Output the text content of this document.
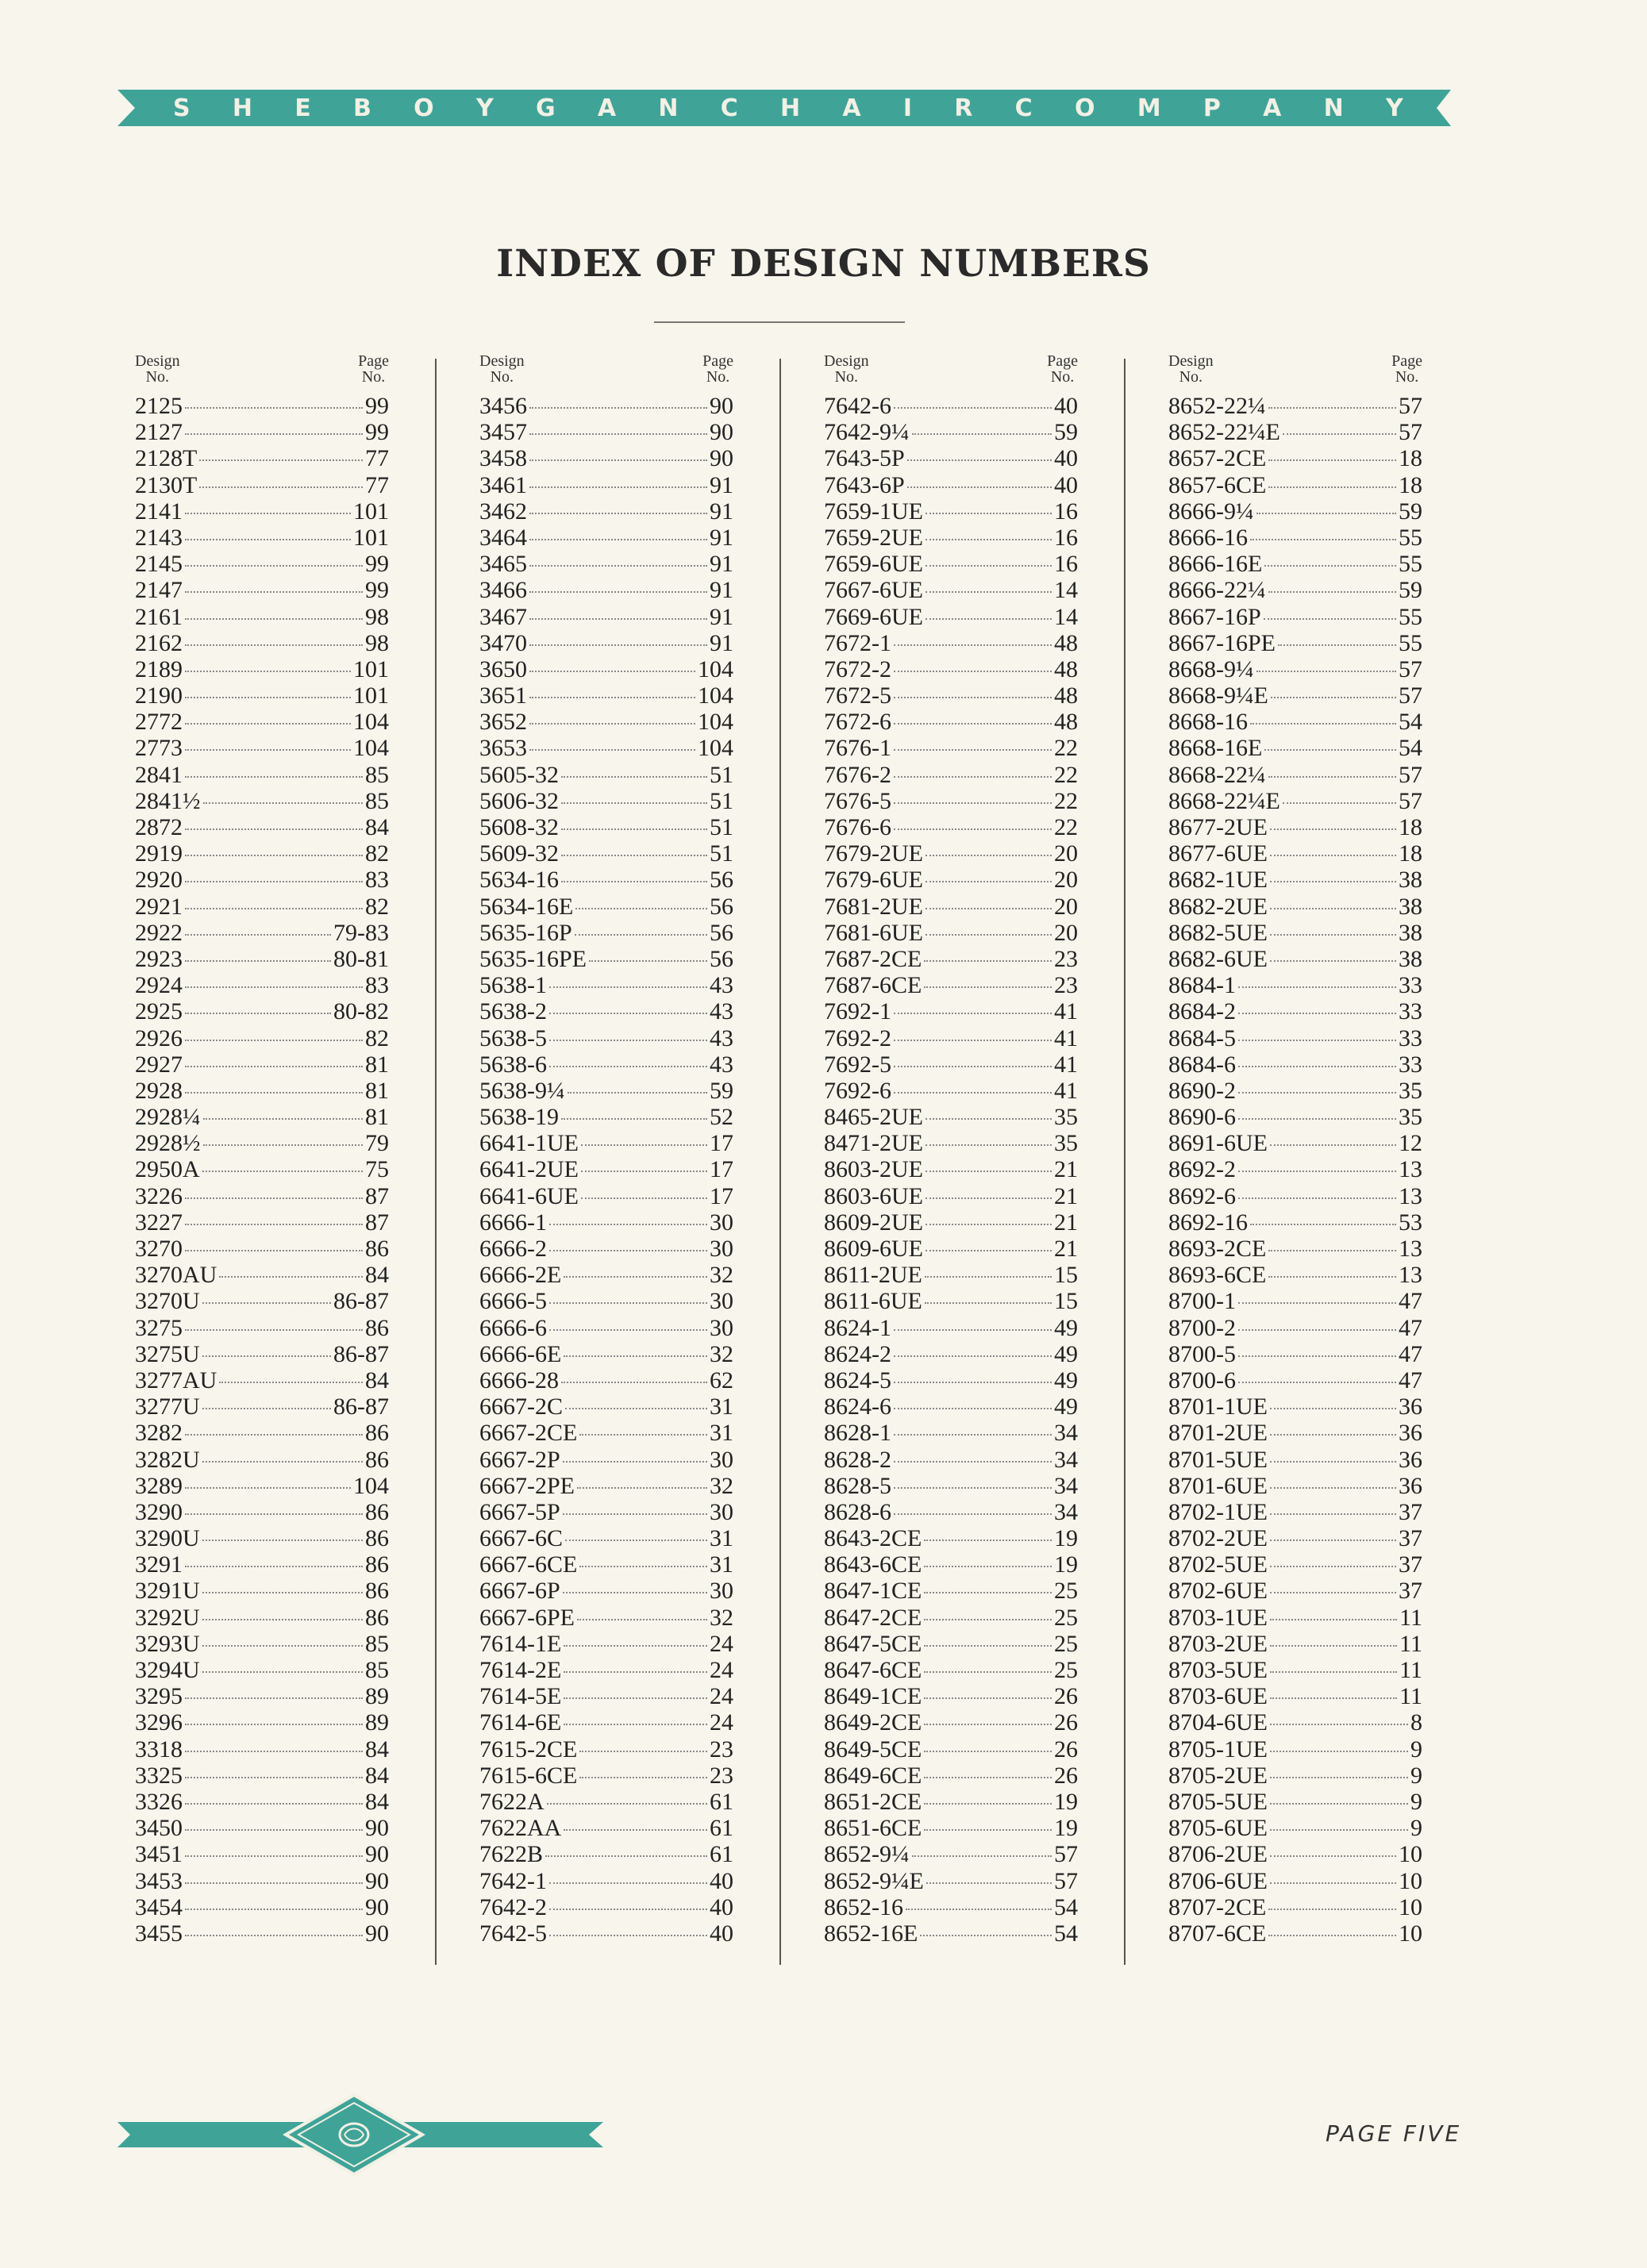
S H E B O Y G A N C H A I R C O M P A N Y
INDEX OF DESIGN NUMBERS
Design
No.
Page
No.
2125	99
2127	99
2128T	77
2130T	77
2141	101
2143	101
2145	99
2147	99
2161	98
2162	98
2189	101
2190	101
2772	104
2773	104
2841	85
2841½	85
2872	84
2919	82
2920	83
2921	82
2922	79-83
2923	80-81
2924	83
2925	80-82
2926	82
2927	81
2928	81
2928¼	81
2928½	79
2950A	75
3226	87
3227	87
3270	86
3270AU	84
3270U	86-87
3275	86
3275U	86-87
3277AU	84
3277U	86-87
3282	86
3282U	86
3289	104
3290	86
3290U	86
3291	86
3291U	86
3292U	86
3293U	85
3294U	85
3295	89
3296	89
3318	84
3325	84
3326	84
3450	90
3451	90
3453	90
3454	90
3455	90
Design
No.
Page
No.
3456	90
3457	90
3458	90
3461	91
3462	91
3464	91
3465	91
3466	91
3467	91
3470	91
3650	104
3651	104
3652	104
3653	104
5605-32	51
5606-32	51
5608-32	51
5609-32	51
5634-16	56
5634-16E	56
5635-16P	56
5635-16PE	56
5638-1	43
5638-2	43
5638-5	43
5638-6	43
5638-9¼	59
5638-19	52
6641-1UE	17
6641-2UE	17
6641-6UE	17
6666-1	30
6666-2	30
6666-2E	32
6666-5	30
6666-6	30
6666-6E	32
6666-28	62
6667-2C	31
6667-2CE	31
6667-2P	30
6667-2PE	32
6667-5P	30
6667-6C	31
6667-6CE	31
6667-6P	30
6667-6PE	32
7614-1E	24
7614-2E	24
7614-5E	24
7614-6E	24
7615-2CE	23
7615-6CE	23
7622A	61
7622AA	61
7622B	61
7642-1	40
7642-2	40
7642-5	40
Design
No.
Page
No.
7642-6	40
7642-9¼	59
7643-5P	40
7643-6P	40
7659-1UE	16
7659-2UE	16
7659-6UE	16
7667-6UE	14
7669-6UE	14
7672-1	48
7672-2	48
7672-5	48
7672-6	48
7676-1	22
7676-2	22
7676-5	22
7676-6	22
7679-2UE	20
7679-6UE	20
7681-2UE	20
7681-6UE	20
7687-2CE	23
7687-6CE	23
7692-1	41
7692-2	41
7692-5	41
7692-6	41
8465-2UE	35
8471-2UE	35
8603-2UE	21
8603-6UE	21
8609-2UE	21
8609-6UE	21
8611-2UE	15
8611-6UE	15
8624-1	49
8624-2	49
8624-5	49
8624-6	49
8628-1	34
8628-2	34
8628-5	34
8628-6	34
8643-2CE	19
8643-6CE	19
8647-1CE	25
8647-2CE	25
8647-5CE	25
8647-6CE	25
8649-1CE	26
8649-2CE	26
8649-5CE	26
8649-6CE	26
8651-2CE	19
8651-6CE	19
8652-9¼	57
8652-9¼E	57
8652-16	54
8652-16E	54
Design
No.
Page
No.
8652-22¼	57
8652-22¼E	57
8657-2CE	18
8657-6CE	18
8666-9¼	59
8666-16	55
8666-16E	55
8666-22¼	59
8667-16P	55
8667-16PE	55
8668-9¼	57
8668-9¼E	57
8668-16	54
8668-16E	54
8668-22¼	57
8668-22¼E	57
8677-2UE	18
8677-6UE	18
8682-1UE	38
8682-2UE	38
8682-5UE	38
8682-6UE	38
8684-1	33
8684-2	33
8684-5	33
8684-6	33
8690-2	35
8690-6	35
8691-6UE	12
8692-2	13
8692-6	13
8692-16	53
8693-2CE	13
8693-6CE	13
8700-1	47
8700-2	47
8700-5	47
8700-6	47
8701-1UE	36
8701-2UE	36
8701-5UE	36
8701-6UE	36
8702-1UE	37
8702-2UE	37
8702-5UE	37
8702-6UE	37
8703-1UE	11
8703-2UE	11
8703-5UE	11
8703-6UE	11
8704-6UE	8
8705-1UE	9
8705-2UE	9
8705-5UE	9
8705-6UE	9
8706-2UE	10
8706-6UE	10
8707-2CE	10
8707-6CE	10
PAGE FIVE
